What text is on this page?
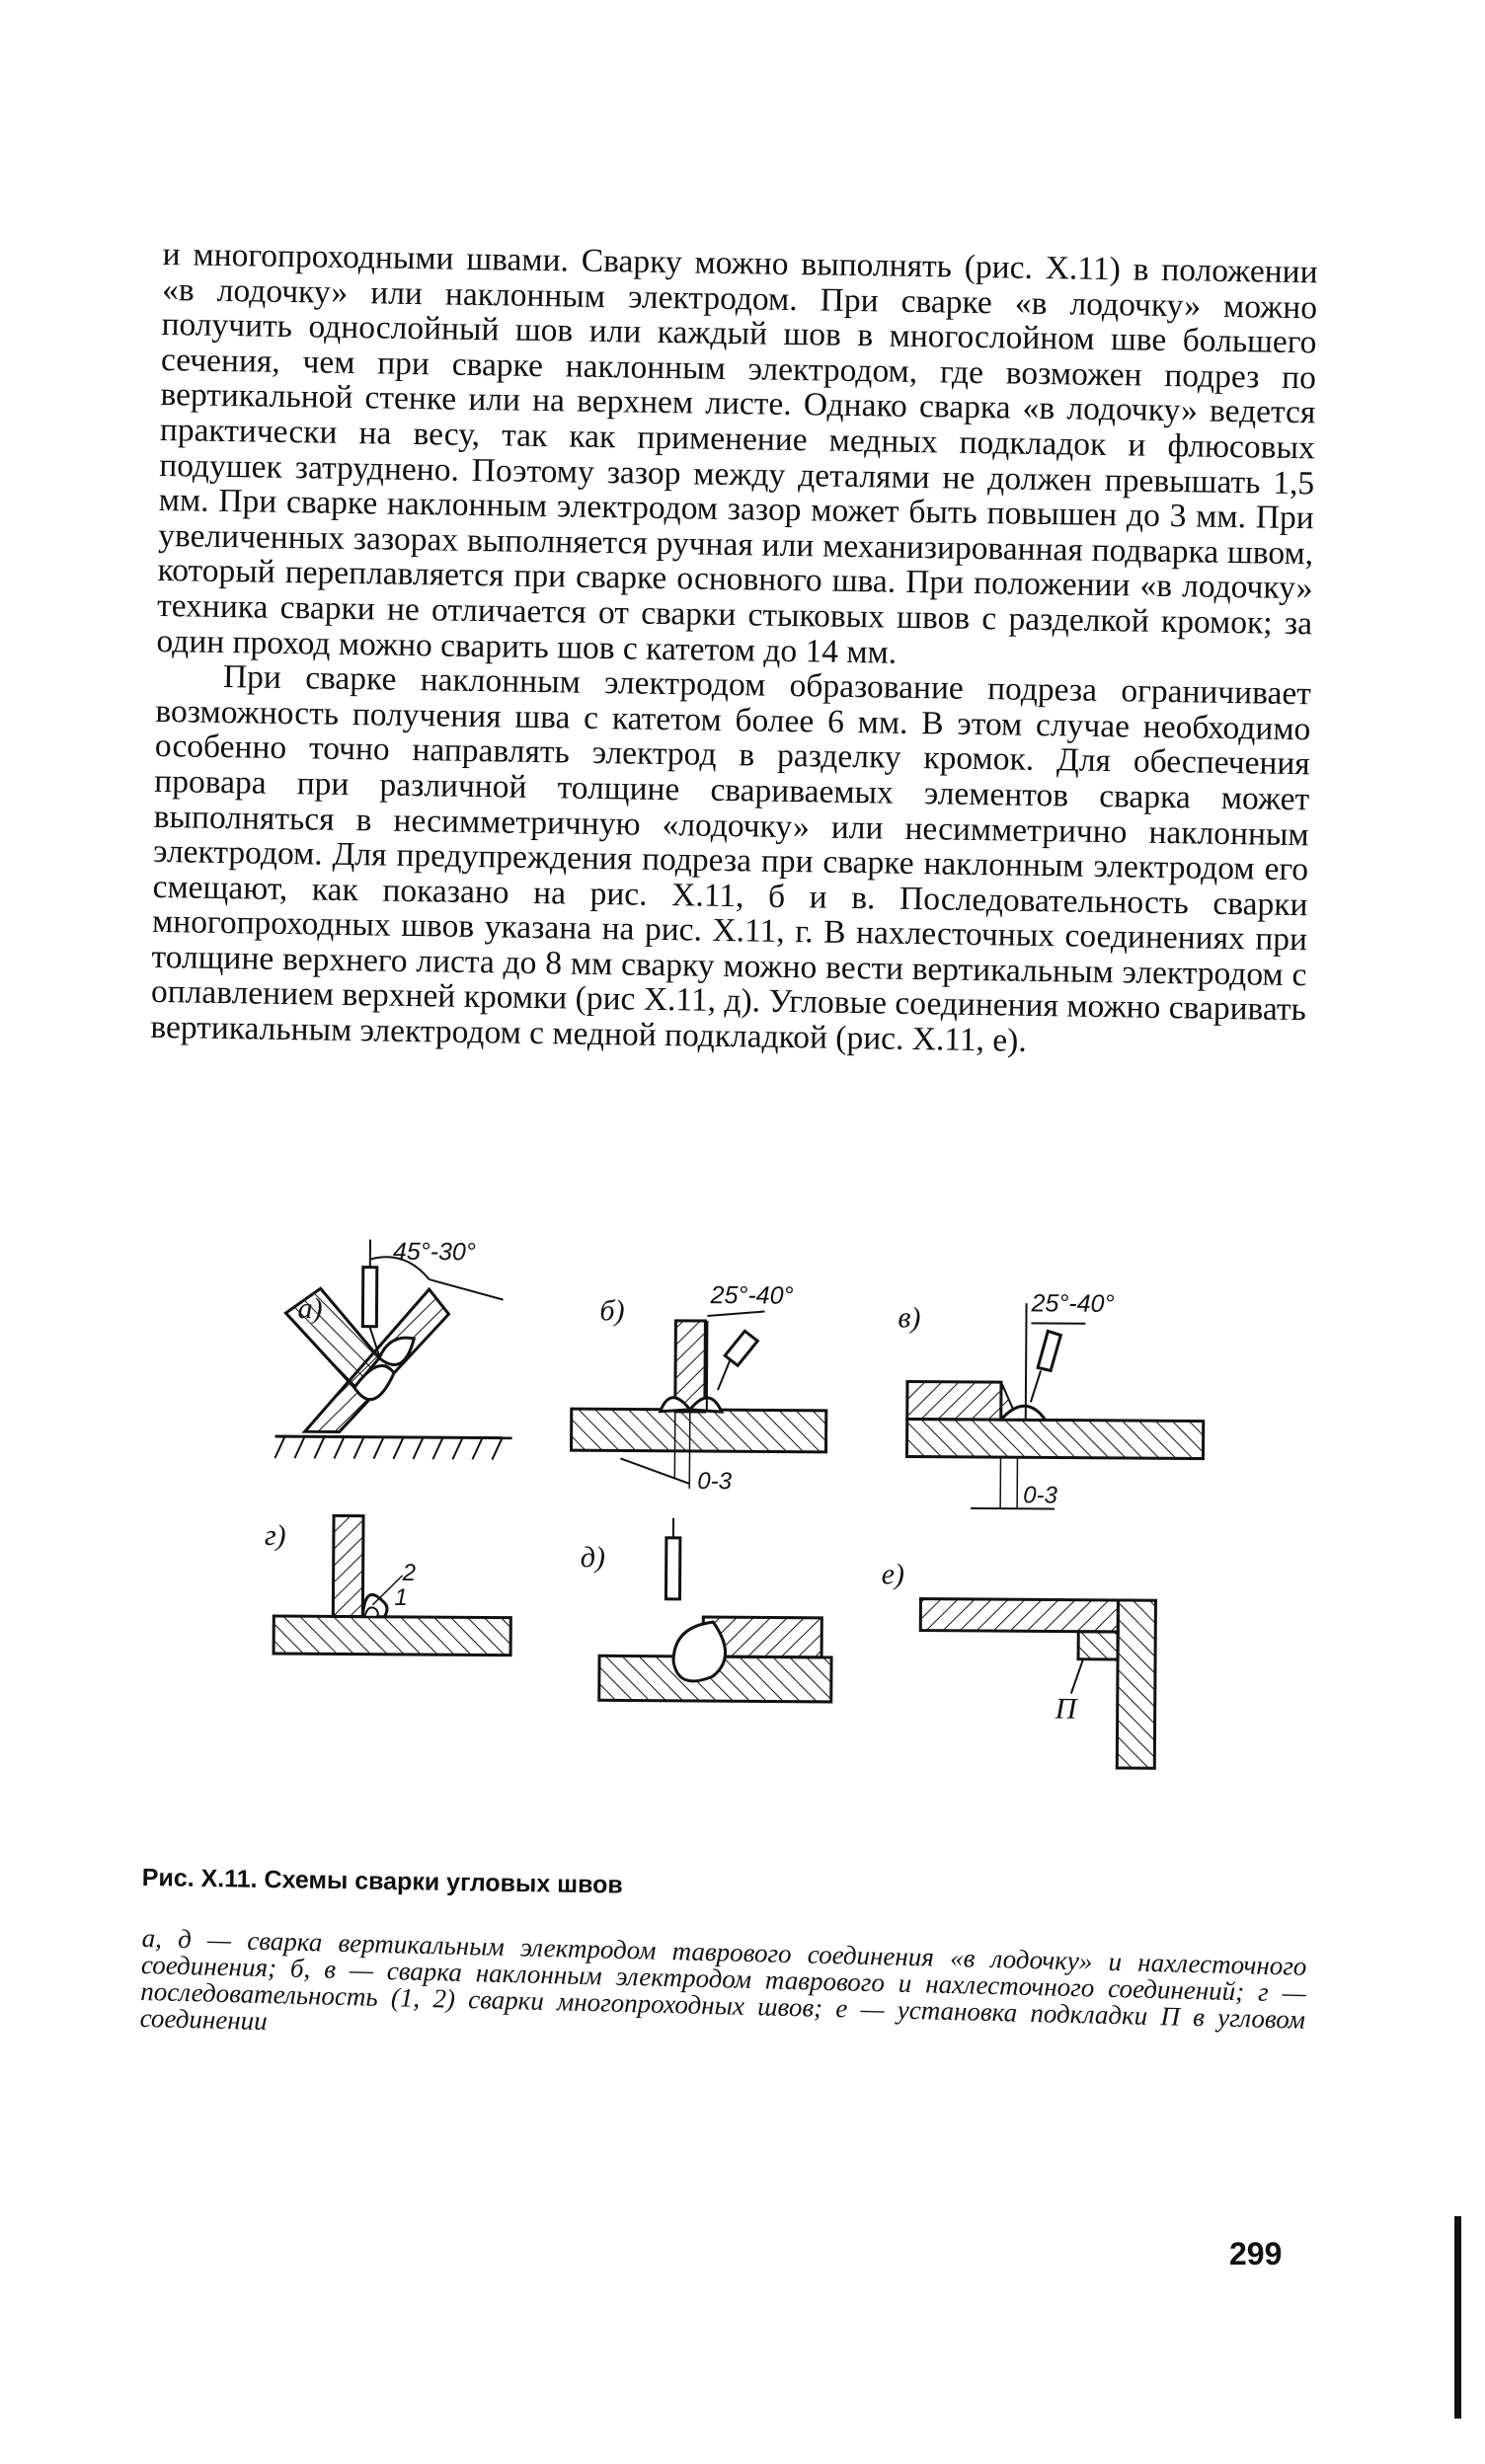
и многопроходными швами. Сварку можно выполнять (рис. X.11) в положении «в лодочку» или наклонным электродом. При сварке «в лодочку» можно получить однослойный шов или каждый шов в многослойном шве большего сечения, чем при сварке наклонным электродом, где возможен подрез по вертикальной стенке или на верхнем листе. Однако сварка «в лодочку» ведется практически на весу, так как применение медных подкладок и флюсовых подушек затруднено. Поэтому зазор между деталями не должен превышать 1,5 мм. При сварке наклонным электродом зазор может быть повышен до 3 мм. При увеличенных зазорах выполняется ручная или механизированная подварка швом, который переплавляется при сварке основного шва. При положении «в лодочку» техника сварки не отличается от сварки стыковых швов с разделкой кромок; за один проход можно сварить шов с катетом до 14 мм.

При сварке наклонным электродом образование подреза ограничивает возможность получения шва с катетом более 6 мм. В этом случае необходимо особенно точно направлять электрод в разделку кромок. Для обеспечения провара при различной толщине свариваемых элементов сварка может выполняться в несимметричную «лодочку» или несимметрично наклонным электродом. Для предупреждения подреза при сварке наклонным электродом его смещают, как показано на рис. X.11, б и в. Последовательность сварки многопроходных швов указана на рис. X.11, г. В нахлесточных соединениях при толщине верхнего листа до 8 мм сварку можно вести вертикальным электродом с оплавлением верхней кромки (рис X.11, д). Угловые соединения можно сваривать вертикальным электродом с медной подкладкой (рис. X.11, е).

45°-30°
б)	25°-40°
0-3
в)	25°-40°
0-3
г)
2
1
д)
е)
П
Рис. X.11. Схемы сварки угловых швов
а, д — сварка вертикальным электродом таврового соединения «в лодочку» и нахлесточного соединения; б, в — сварка наклонным электродом таврового и нахлесточного соединений; г — последовательность (1, 2) сварки многопроходных швов; е — установка подкладки П в угловом соединении
299
